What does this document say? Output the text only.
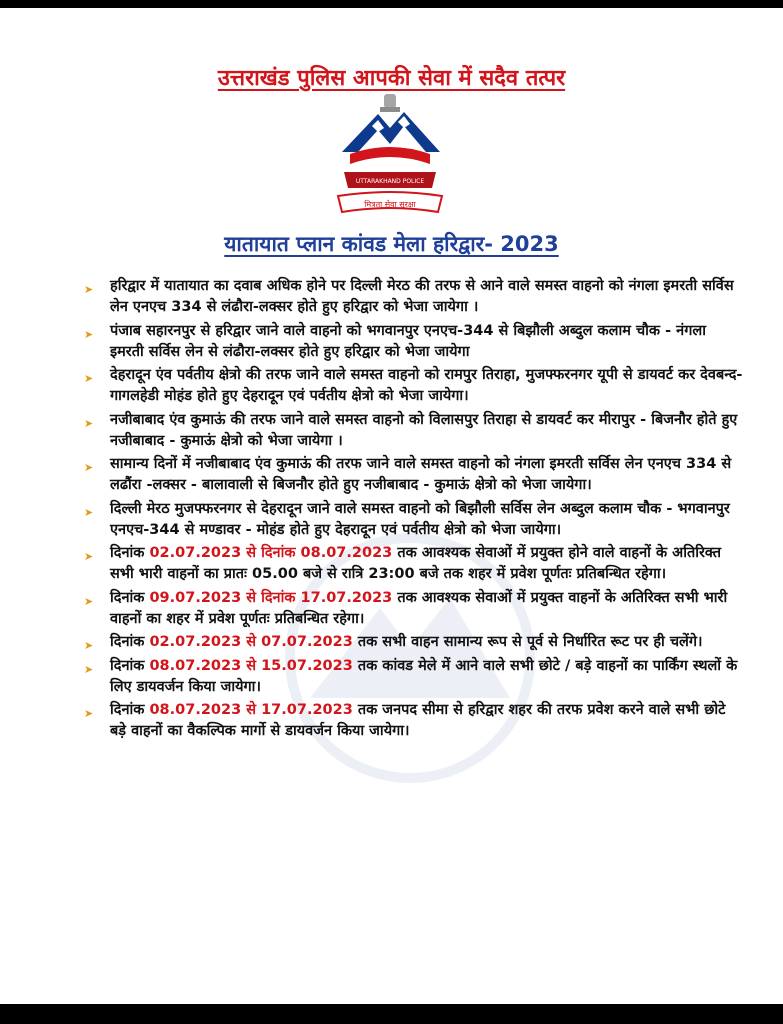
उत्तराखंड पुलिस आपकी सेवा में सदैव तत्पर
UTTARAKHAND POLICE
मित्रता सेवा सुरक्षा
यातायात प्लान कांवड मेला हरिद्वार- 2023
➤ हरिद्वार में यातायात का दवाब अधिक होने पर दिल्ली मेरठ की तरफ से आने वाले समस्त वाहनो को नंगला इमरती सर्विस लेन एनएच 334 से लंढौरा-लक्सर होते हुए हरिद्वार को भेजा जायेगा ।
➤ पंजाब सहारनपुर से हरिद्वार जाने वाले वाहनो को भगवानपुर एनएच-344 से बिझौली अब्दुल कलाम चौक - नंगला इमरती सर्विस लेन से लंढौरा-लक्सर होते हुए हरिद्वार को भेजा जायेगा
➤ देहरादून एंव पर्वतीय क्षेत्रो की तरफ जाने वाले समस्त वाहनो को रामपुर तिराहा, मुजफ्फरनगर यूपी से डायवर्ट कर देवबन्द- गागलहेडी मोहंड होते हुए देहरादून एवं पर्वतीय क्षेत्रो को भेजा जायेगा।
➤ नजीबाबाद एंव कुमाऊं की तरफ जाने वाले समस्त वाहनो को विलासपुर तिराहा से डायवर्ट कर मीरापुर - बिजनौर होते हुए नजीबाबाद - कुमाऊं क्षेत्रो को भेजा जायेगा ।
➤ सामान्य दिनों में नजीबाबाद एंव कुमाऊं की तरफ जाने वाले समस्त वाहनो को नंगला इमरती सर्विस लेन एनएच 334 से लढौंरा -लक्सर - बालावाली से बिजनौर होते हुए नजीबाबाद - कुमाऊं क्षेत्रो को भेजा जायेगा।
➤ दिल्ली मेरठ मुजफ्फरनगर से देहरादून जाने वाले समस्त वाहनो को बिझौली सर्विस लेन अब्दुल कलाम चौक - भगवानपुर एनएच-344 से मण्डावर - मोहंड होते हुए देहरादून एवं पर्वतीय क्षेत्रो को भेजा जायेगा।
➤ दिनांक 02.07.2023 से दिनांक 08.07.2023 तक आवश्यक सेवाओं में प्रयुक्त होने वाले वाहनों के अतिरिक्त सभी भारी वाहनों का प्रातः 05.00 बजे से रात्रि 23:00 बजे तक शहर में प्रवेश पूर्णतः प्रतिबन्धित रहेगा।
➤ दिनांक 09.07.2023 से दिनांक 17.07.2023 तक आवश्यक सेवाओं में प्रयुक्त वाहनों के अतिरिक्त सभी भारी वाहनों का शहर में प्रवेश पूर्णतः प्रतिबन्धित रहेगा।
➤ दिनांक 02.07.2023 से 07.07.2023 तक सभी वाहन सामान्य रूप से पूर्व से निर्धारित रूट पर ही चलेंगे।
➤ दिनांक 08.07.2023 से 15.07.2023 तक कांवड मेले में आने वाले सभी छोटे / बड़े वाहनों का पार्किंग स्थलों के लिए डायवर्जन किया जायेगा।
➤ दिनांक 08.07.2023 से 17.07.2023 तक जनपद सीमा से हरिद्वार शहर की तरफ प्रवेश करने वाले सभी छोटे बड़े वाहनों का वैकल्पिक मार्गो से डायवर्जन किया जायेगा।
